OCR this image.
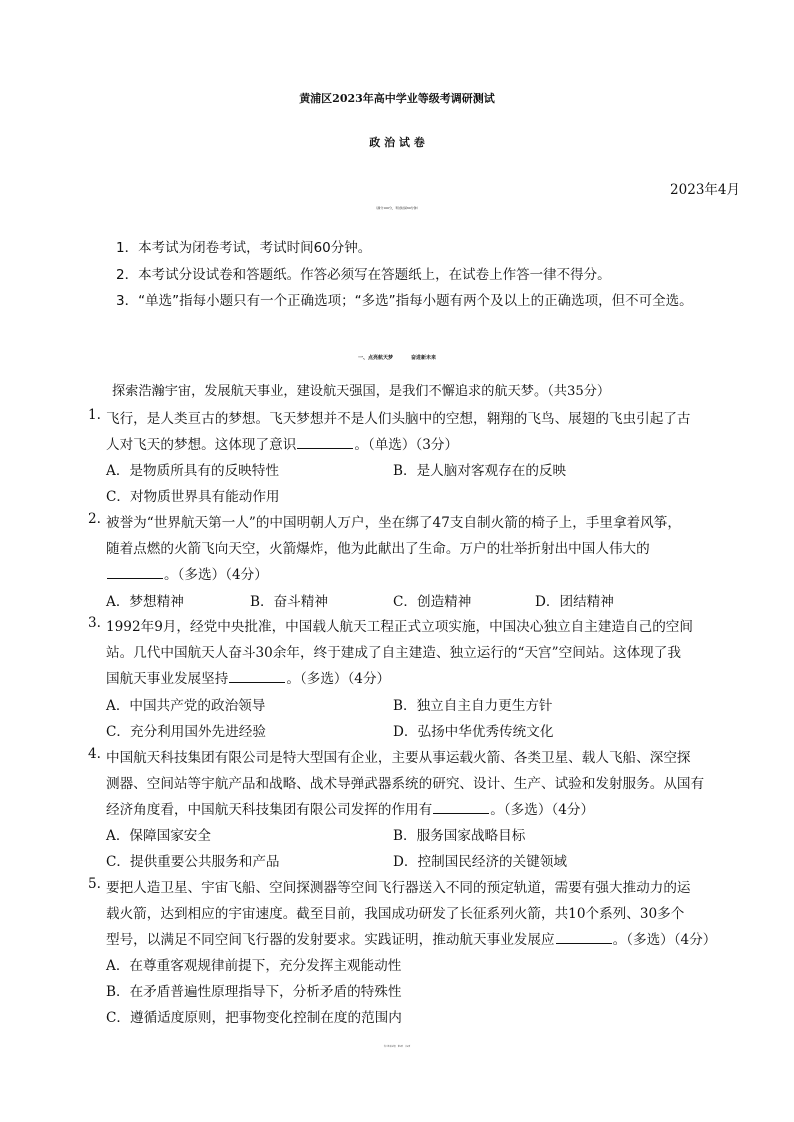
黄浦区2023年高中学业等级考调研测试
政 治 试 卷
2023年4月
（满分100分，考试时间60分钟）
1．本考试为闭卷考试，考试时间60分钟。
2．本考试分设试卷和答题纸。作答必须写在答题纸上，在试卷上作答一律不得分。
3．“单选”指每小题只有一个正确选项；“多选”指每小题有两个及以上的正确选项，但不可全选。
一、点亮航天梦	奋进新未来
探索浩瀚宇宙，发展航天事业，建设航天强国，是我们不懈追求的航天梦。（共35分）
1. 飞行，是人类亘古的梦想。飞天梦想并不是人们头脑中的空想，翱翔的飞鸟、展翅的飞虫引起了古
人对飞天的梦想。这体现了意识	。（单选）（3分）
A．是物质所具有的反映特性	B．是人脑对客观存在的反映
C．对物质世界具有能动作用
2. 被誉为“世界航天第一人”的中国明朝人万户，坐在绑了47支自制火箭的椅子上，手里拿着风筝，
随着点燃的火箭飞向天空，火箭爆炸，他为此献出了生命。万户的壮举折射出中国人伟大的
。（多选）（4分）
A．梦想精神	B．奋斗精神	C．创造精神	D．团结精神
3. 1992年9月，经党中央批准，中国载人航天工程正式立项实施，中国决心独立自主建造自己的空间
站。几代中国航天人奋斗30余年，终于建成了自主建造、独立运行的“天宫”空间站。这体现了我
国航天事业发展坚持	。（多选）（4分）
A．中国共产党的政治领导	B．独立自主自力更生方针
C．充分利用国外先进经验	D．弘扬中华优秀传统文化
4. 中国航天科技集团有限公司是特大型国有企业，主要从事运载火箭、各类卫星、载人飞船、深空探
测器、空间站等宇航产品和战略、战术导弹武器系统的研究、设计、生产、试验和发射服务。从国有
经济角度看，中国航天科技集团有限公司发挥的作用有	。（多选）（4分）
A．保障国家安全	B．服务国家战略目标
C．提供重要公共服务和产品	D．控制国民经济的关键领域
5. 要把人造卫星、宇宙飞船、空间探测器等空间飞行器送入不同的预定轨道，需要有强大推动力的运
载火箭，达到相应的宇宙速度。截至目前，我国成功研发了长征系列火箭，共10个系列、30多个
型号，以满足不同空间飞行器的发射要求。实践证明，推动航天事业发展应	。（多选）（4分）
A．在尊重客观规律前提下，充分发挥主观能动性
B．在矛盾普遍性原理指导下，分析矛盾的特殊性
C．遵循适度原则，把事物变化控制在度的范围内
高三政治试卷　第1页　共4页
